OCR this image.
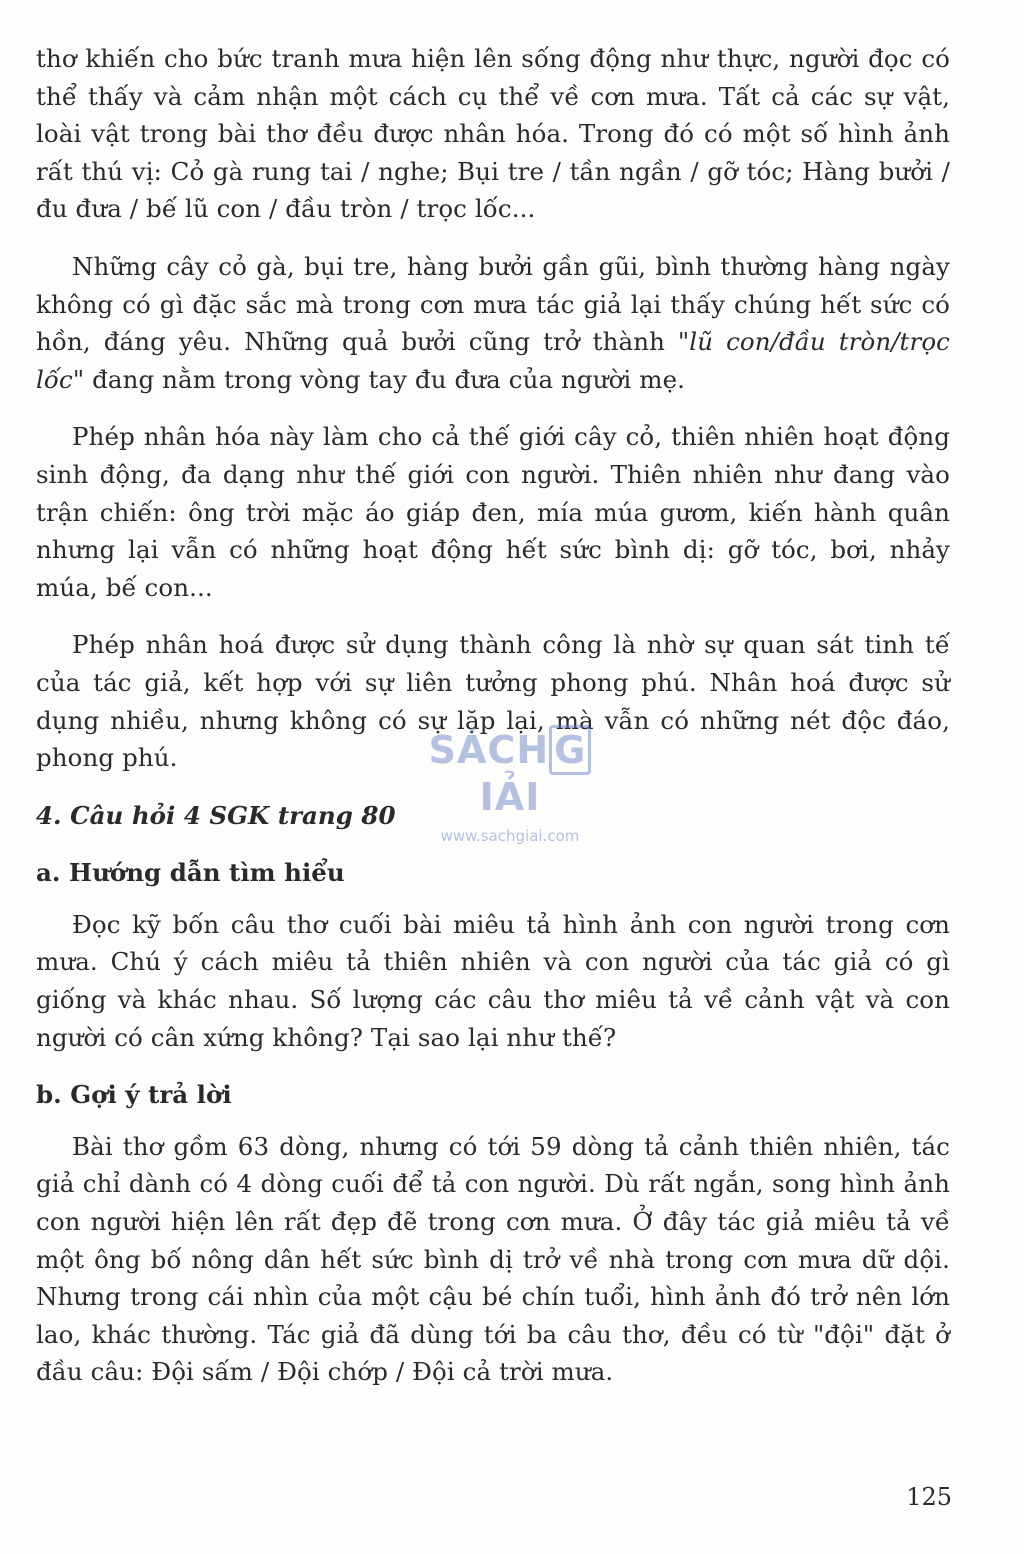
thơ khiến cho bức tranh mưa hiện lên sống động như thực, người đọc có thể thấy và cảm nhận một cách cụ thể về cơn mưa. Tất cả các sự vật, loài vật trong bài thơ đều được nhân hóa. Trong đó có một số hình ảnh rất thú vị: Cỏ gà rung tai / nghe; Bụi tre / tần ngần / gỡ tóc; Hàng bưởi / đu đưa / bế lũ con / đầu tròn / trọc lốc...

Những cây cỏ gà, bụi tre, hàng bưởi gần gũi, bình thường hàng ngày không có gì đặc sắc mà trong cơn mưa tác giả lại thấy chúng hết sức có hồn, đáng yêu. Những quả bưởi cũng trở thành "lũ con/đầu tròn/trọc lốc" đang nằm trong vòng tay đu đưa của người mẹ.

Phép nhân hóa này làm cho cả thế giới cây cỏ, thiên nhiên hoạt động sinh động, đa dạng như thế giới con người. Thiên nhiên như đang vào trận chiến: ông trời mặc áo giáp đen, mía múa gươm, kiến hành quân nhưng lại vẫn có những hoạt động hết sức bình dị: gỡ tóc, bơi, nhảy múa, bế con...

Phép nhân hoá được sử dụng thành công là nhờ sự quan sát tinh tế của tác giả, kết hợp với sự liên tưởng phong phú. Nhân hoá được sử dụng nhiều, nhưng không có sự lặp lại, mà vẫn có những nét độc đáo, phong phú.

4. Câu hỏi 4 SGK trang 80
a. Hướng dẫn tìm hiểu

Đọc kỹ bốn câu thơ cuối bài miêu tả hình ảnh con người trong cơn mưa. Chú ý cách miêu tả thiên nhiên và con người của tác giả có gì giống và khác nhau. Số lượng các câu thơ miêu tả về cảnh vật và con người có cân xứng không? Tại sao lại như thế?

b. Gợi ý trả lời

Bài thơ gồm 63 dòng, nhưng có tới 59 dòng tả cảnh thiên nhiên, tác giả chỉ dành có 4 dòng cuối để tả con người. Dù rất ngắn, song hình ảnh con người hiện lên rất đẹp đẽ trong cơn mưa. Ở đây tác giả miêu tả về một ông bố nông dân hết sức bình dị trở về nhà trong cơn mưa dữ dội. Nhưng trong cái nhìn của một cậu bé chín tuổi, hình ảnh đó trở nên lớn lao, khác thường. Tác giả đã dùng tới ba câu thơ, đều có từ "đội" đặt ở đầu câu: Đội sấm / Đội chớp / Đội cả trời mưa.

SÁCH GIẢI
www.sachgiai.com
125
